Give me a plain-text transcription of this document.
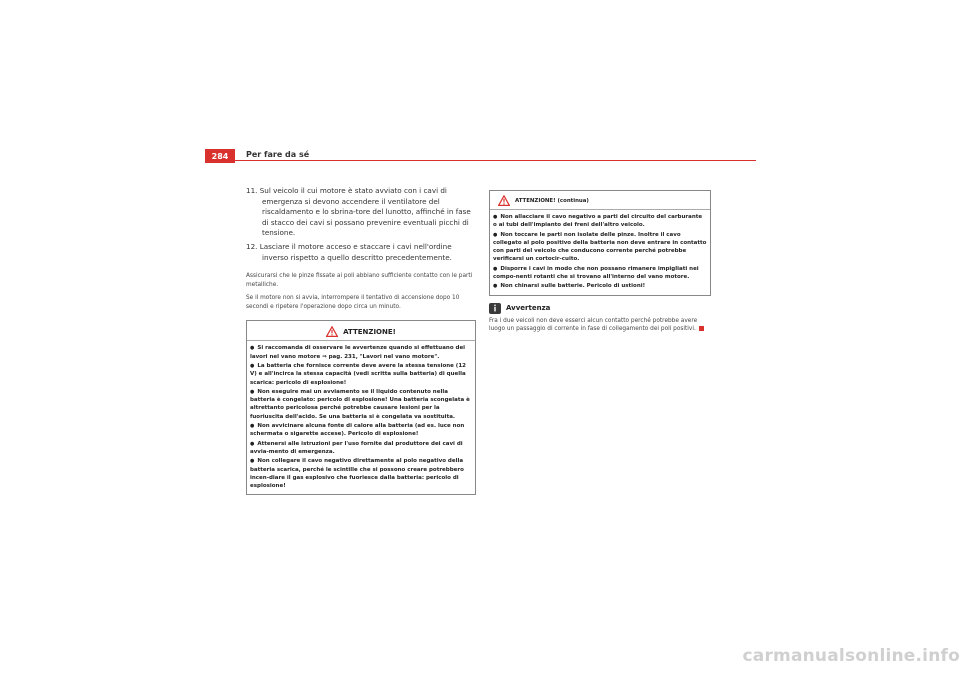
284	Per fare da sé

11. Sul veicolo il cui motore è stato avviato con i cavi di emergenza si devono accendere il ventilatore del riscaldamento e lo sbrina-tore del lunotto, affinché in fase di stacco dei cavi si possano prevenire eventuali picchi di tensione.

12. Lasciare il motore acceso e staccare i cavi nell'ordine inverso rispetto a quello descritto precedentemente.

Assicurarsi che le pinze fissate ai poli abbiano sufficiente contatto con le parti metalliche.

Se il motore non si avvia, interrompere il tentativo di accensione dopo 10 secondi e ripetere l'operazione dopo circa un minuto.

ATTENZIONE!

● Si raccomanda di osservare le avvertenze quando si effettuano dei lavori nel vano motore ⇒ pag. 231, "Lavori nel vano motore".

● La batteria che fornisce corrente deve avere la stessa tensione (12 V) e all'incirca la stessa capacità (vedi scritta sulla batteria) di quella scarica: pericolo di esplosione!

● Non eseguire mai un avviamento se il liquido contenuto nella batteria è congelato: pericolo di esplosione! Una batteria scongelata è altrettanto pericolosa perché potrebbe causare lesioni per la fuoriuscita dell'acido. Se una batteria si è congelata va sostituita.

● Non avvicinare alcuna fonte di calore alla batteria (ad es. luce non schermata o sigarette accese). Pericolo di esplosione!

● Attenersi alle istruzioni per l'uso fornite dal produttore dei cavi di avvia-mento di emergenza.

● Non collegare il cavo negativo direttamente al polo negativo della batteria scarica, perché le scintille che si possono creare potrebbero incen-diare il gas esplosivo che fuoriesce dalla batteria: pericolo di esplosione!

ATTENZIONE! (continua)

● Non allacciare il cavo negativo a parti del circuito del carburante o ai tubi dell'impianto dei freni dell'altro veicolo.

● Non toccare le parti non isolate delle pinze. Inoltre il cavo collegato al polo positivo della batteria non deve entrare in contatto con parti del veicolo che conducono corrente perché potrebbe verificarsi un cortocir-cuito.

● Disporre i cavi in modo che non possano rimanere impigliati nei compo-nenti rotanti che si trovano all'interno del vano motore.

● Non chinarsi sulle batterie. Pericolo di ustioni!

Avvertenza

Fra i due veicoli non deve esserci alcun contatto perché potrebbe avere luogo un passaggio di corrente in fase di collegamento dei poli positivi.

carmanualsonline.info
